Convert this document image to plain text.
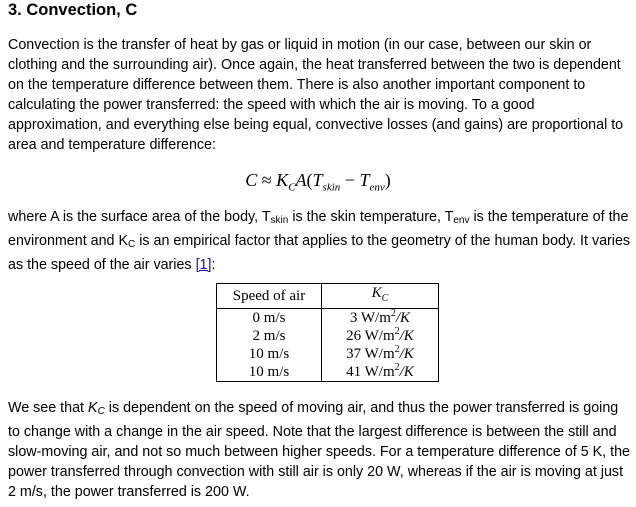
3. Convection, C

Convection is the transfer of heat by gas or liquid in motion (in our case, between our skin or clothing and the surrounding air). Once again, the heat transferred between the two is dependent on the temperature difference between them. There is also another important component to calculating the power transferred: the speed with which the air is moving. To a good approximation, and everything else being equal, convective losses (and gains) are proportional to area and temperature difference:

$C \approx K_CA(T_{skin} - T_{env})$

where A is the surface area of the body, $T_{skin}$ is the skin temperature, $T_{env}$ is the temperature of the environment and $K_C$ is an empirical factor that applies to the geometry of the human body. It varies as the speed of the air varies [1]:

Speed of air	$K_C$
0 m/s	3 $W/m^2/K$
2 m/s	26 $W/m^2/K$
10 m/s	37 $W/m^2/K$
10 m/s	41 $W/m^2/K$

We see that $K_C$ is dependent on the speed of moving air, and thus the power transferred is going to change with a change in the air speed. Note that the largest difference is between the still and slow-moving air, and not so much between higher speeds. For a temperature difference of 5 K, the power transferred through convection with still air is only 20 W, whereas if the air is moving at just 2 m/s, the power transferred is 200 W.
